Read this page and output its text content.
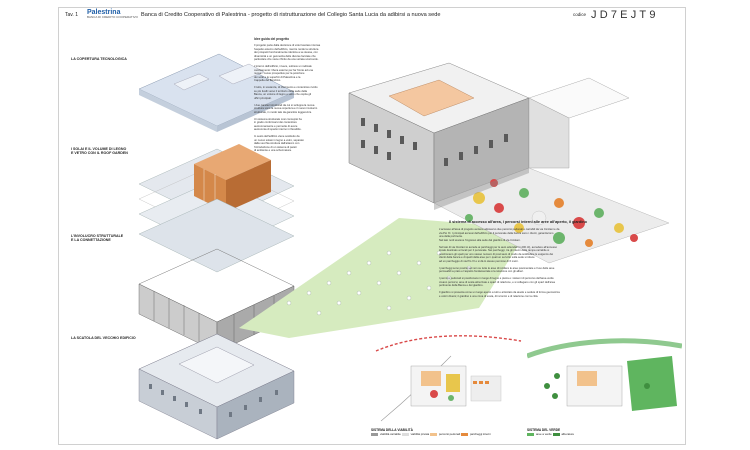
Tav. 1 Palestrina
BANCA DI CREDITO COOPERATIVO Banca di Credito Cooperativo di Palestrina - progetto di ristrutturazione del Collegio Santa Lucia da adibirsi a nuova sede	codice JD7EJT9
LA COPERTURA TECNOLOGICA
I SOLAI E IL VOLUME DI LEGNO
E VETRO CON IL ROOF GARDEN
L'INVOLUCRO STRUTTURALE
E LA CONNETTAZIONE
LA SCATOLA DEL VECCHIO EDIFICIO
Idee guida del progetto
Il progetto parte dalla decisione di voler lasciare intonsa
l'aspetto esterno dell'edificio, mentre rende la struttura
dei prospetti funzionalmente identica a se stessa, con
dinamicità e un geometria delle diverse facciate che
particolare che viene rifinito da una vetrata scorrevole.

L'interno dell'edificio, invece, subisce un radicale
cambiamento: libera esterno per far fronte ad una
nuova - nuove prospettive per la posizione
dei solai e le superfici di Palestrina e la
Cappella del Bambino.

Il tutto, in sostanza, di riferimento e contenitore rivolto
su più livelli verso il territorio della sede della
Banca, un volume di legno e vetro che ospita gli
uffici principali.

I due caratteri strutturali da cui si sviluppa la nuova
struttura sono la nuova copertura e il nuovo involucro
strutturale, in modo tale da garantire leggerezza.

Un sistema strutturale così concepito ha
in grado conformarsi dei contenitore
autonomamente e permette di avere
autonomia di spazio interno in flessibile.

In sesto dell'edificio viene sostituito da
un nuovo solaio in legno a vetro, separato
dalla vecchia struttura dall'attacco con
l'introduzione di un sistema di pareti
di ambiente e una schermatura.
Il sistema di accesso all'area, i percorsi interni alle aree all'aperto, il giardino
L'accesso all'area di progetto avviene attraverso due percorsi pedonali e carrabili da via Cicolani e da
via Pio XI. I principali accessi dell'edificio per il personale della banca sono i clienti, garantiscono
una della portineria.
Nel lato nord avviene l'ingresso alla sede dal giardino di via Cicolani.

Sul lato di via Cicolani si accede ai parcheggi per le auto aziendali (n.200 cit), accedere all'annesso
locale destinato ai locali per il personale. Nei parcheggi, tra gli interni della rampa carrabile si
posizionano gli spazi per uno stesso numero di posti auto di modo da soddisfare le esigenze dei
clienti della banca e di quelli della aree per i quali un servizio sulla sede si riduce
ad un parcheggio di via Pio XI e si dà lo stesso percorso di 6 metri.

I parcheggi sono posizionati non su tutte le aree di incidere le aree pavimentate e l'uso delle aree
permeabili a prato e l'aspetto fondamentale è la relazione con gli alberi.

I percorsi pedonali si posizionano in luogo di legno e pietra e i sistemi di percorso dell'area verde
creano percorsi, aree di sosta attrezzate e spazi di relazione, e si collegano con gli spazi dell'area
pertinente della Banca e del giardino.

Il giardino si presenta come un luogo aperto a tutti e articolato da aiuole e sedute di forma geometrica
e colori diversi; il giardino è una zona di sosta, di incontro e di relazione con la città.
SISTEMA DELLA VIABILITÀ	SISTEMA DEL VERDE
viabilità carrabile	viabilità privata	percorsi pedonali	parcheggi interni	aree a verde	alberature
